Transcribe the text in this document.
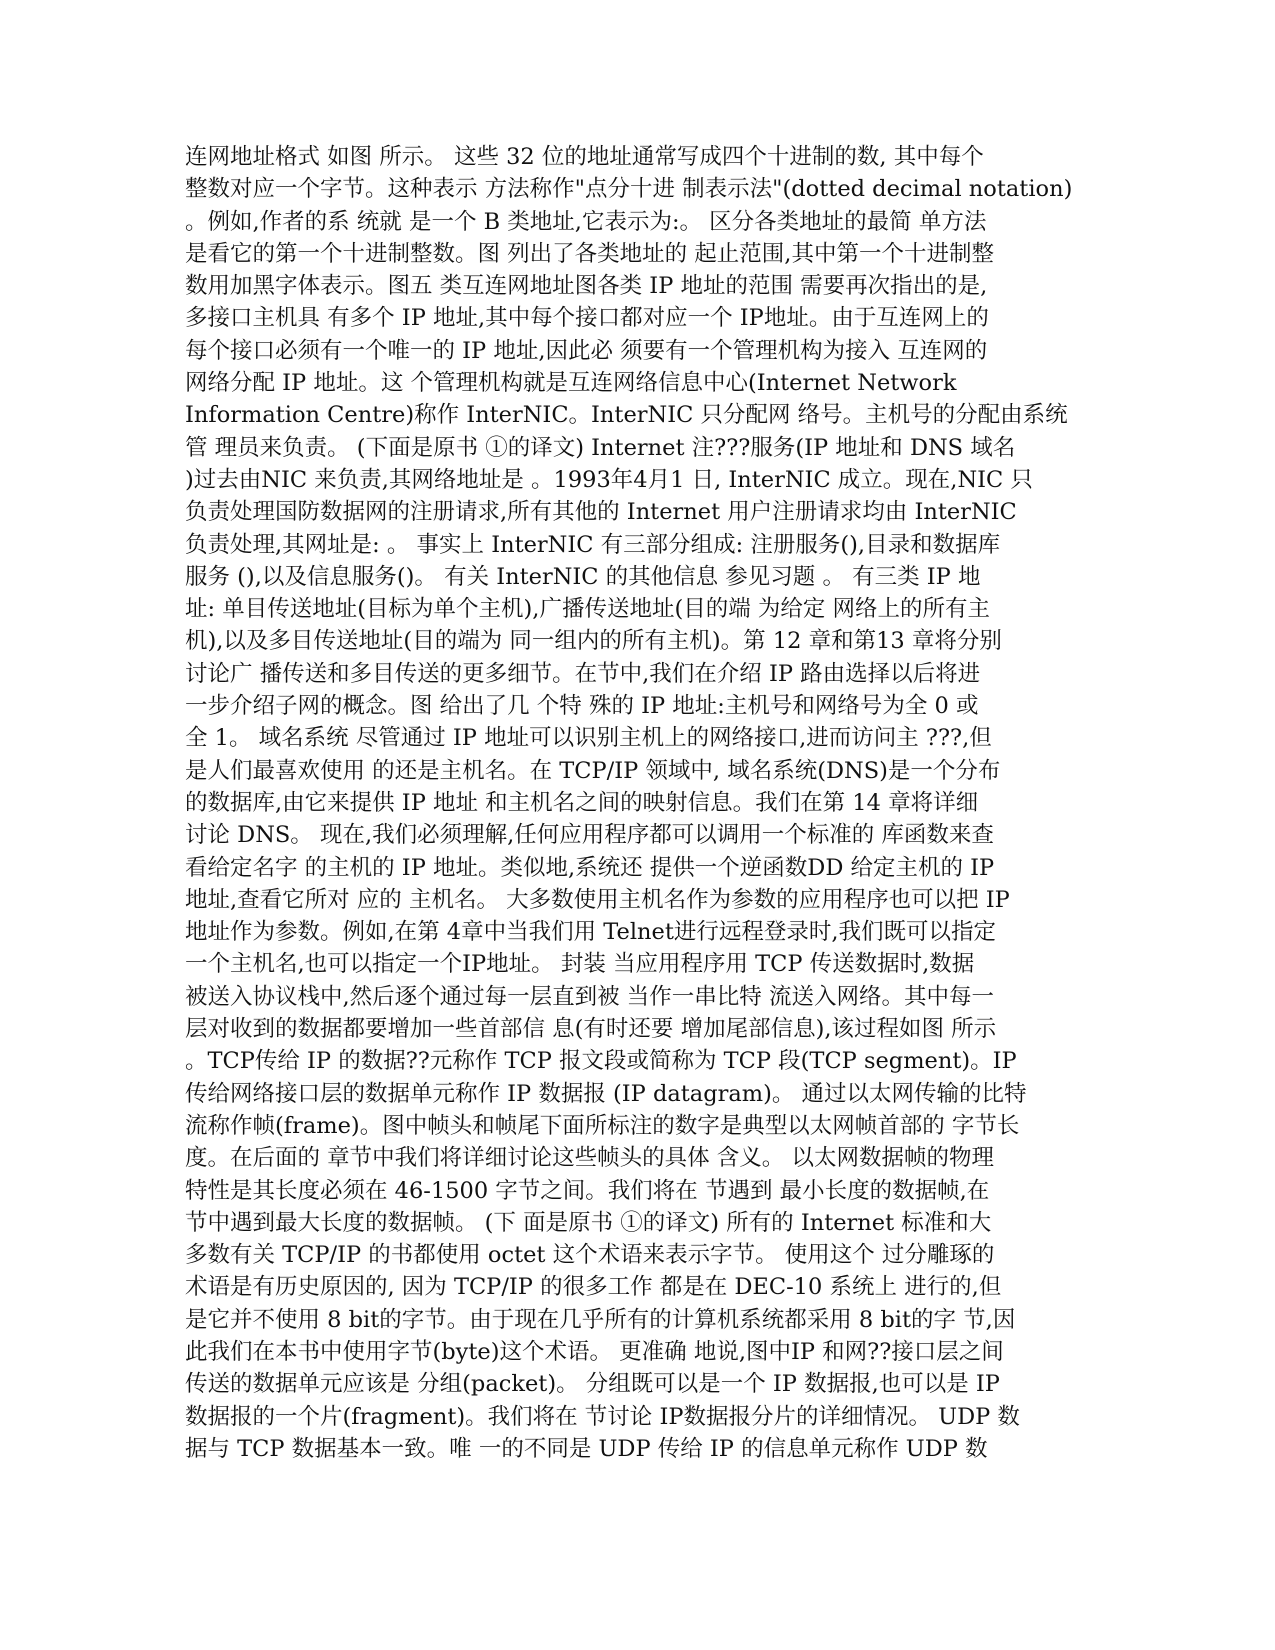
连网地址格式 如图 所示。 这些 32 位的地址通常写成四个十进制的数, 其中每个
整数对应一个字节。这种表示 方法称作"点分十进 制表示法"(dotted decimal notation)
。例如,作者的系 统就 是一个 B 类地址,它表示为:。 区分各类地址的最简 单方法
是看它的第一个十进制整数。图 列出了各类地址的 起止范围,其中第一个十进制整
数用加黑字体表示。图五 类互连网地址图各类 IP 地址的范围 需要再次指出的是,
多接口主机具 有多个 IP 地址,其中每个接口都对应一个 IP地址。由于互连网上的
每个接口必须有一个唯一的 IP 地址,因此必 须要有一个管理机构为接入 互连网的
网络分配 IP 地址。这 个管理机构就是互连网络信息中心(Internet Network
Information Centre)称作 InterNIC。InterNIC 只分配网 络号。主机号的分配由系统
管 理员来负责。 (下面是原书 ①的译文) Internet 注???服务(IP 地址和 DNS 域名
)过去由NIC 来负责,其网络地址是 。1993年4月1 日, InterNIC 成立。现在,NIC 只
负责处理国防数据网的注册请求,所有其他的 Internet 用户注册请求均由 InterNIC
负责处理,其网址是: 。 事实上 InterNIC 有三部分组成: 注册服务(),目录和数据库
服务 (),以及信息服务()。 有关 InterNIC 的其他信息 参见习题 。 有三类 IP 地
址: 单目传送地址(目标为单个主机),广播传送地址(目的端 为给定 网络上的所有主
机),以及多目传送地址(目的端为 同一组内的所有主机)。第 12 章和第13 章将分别
讨论广 播传送和多目传送的更多细节。在节中,我们在介绍 IP 路由选择以后将进
一步介绍子网的概念。图 给出了几 个特 殊的 IP 地址:主机号和网络号为全 0 或
全 1。 域名系统 尽管通过 IP 地址可以识别主机上的网络接口,进而访问主 ???,但
是人们最喜欢使用 的还是主机名。在 TCP/IP 领域中, 域名系统(DNS)是一个分布
的数据库,由它来提供 IP 地址 和主机名之间的映射信息。我们在第 14 章将详细
讨论 DNS。 现在,我们必须理解,任何应用程序都可以调用一个标准的 库函数来查
看给定名字 的主机的 IP 地址。类似地,系统还 提供一个逆函数DD 给定主机的 IP
地址,查看它所对 应的 主机名。 大多数使用主机名作为参数的应用程序也可以把 IP
地址作为参数。例如,在第 4章中当我们用 Telnet进行远程登录时,我们既可以指定
一个主机名,也可以指定一个IP地址。 封装 当应用程序用 TCP 传送数据时,数据
被送入协议栈中,然后逐个通过每一层直到被 当作一串比特 流送入网络。其中每一
层对收到的数据都要增加一些首部信 息(有时还要 增加尾部信息),该过程如图 所示
。TCP传给 IP 的数据??元称作 TCP 报文段或简称为 TCP 段(TCP segment)。IP
传给网络接口层的数据单元称作 IP 数据报 (IP datagram)。 通过以太网传输的比特
流称作帧(frame)。图中帧头和帧尾下面所标注的数字是典型以太网帧首部的 字节长
度。在后面的 章节中我们将详细讨论这些帧头的具体 含义。 以太网数据帧的物理
特性是其长度必须在 46-1500 字节之间。我们将在 节遇到 最小长度的数据帧,在
节中遇到最大长度的数据帧。 (下 面是原书 ①的译文) 所有的 Internet 标准和大
多数有关 TCP/IP 的书都使用 octet 这个术语来表示字节。 使用这个 过分雕琢的
术语是有历史原因的, 因为 TCP/IP 的很多工作 都是在 DEC-10 系统上 进行的,但
是它并不使用 8 bit的字节。由于现在几乎所有的计算机系统都采用 8 bit的字 节,因
此我们在本书中使用字节(byte)这个术语。 更准确 地说,图中IP 和网??接口层之间
传送的数据单元应该是 分组(packet)。 分组既可以是一个 IP 数据报,也可以是 IP
数据报的一个片(fragment)。我们将在 节讨论 IP数据报分片的详细情况。 UDP 数
据与 TCP 数据基本一致。唯 一的不同是 UDP 传给 IP 的信息单元称作 UDP 数
